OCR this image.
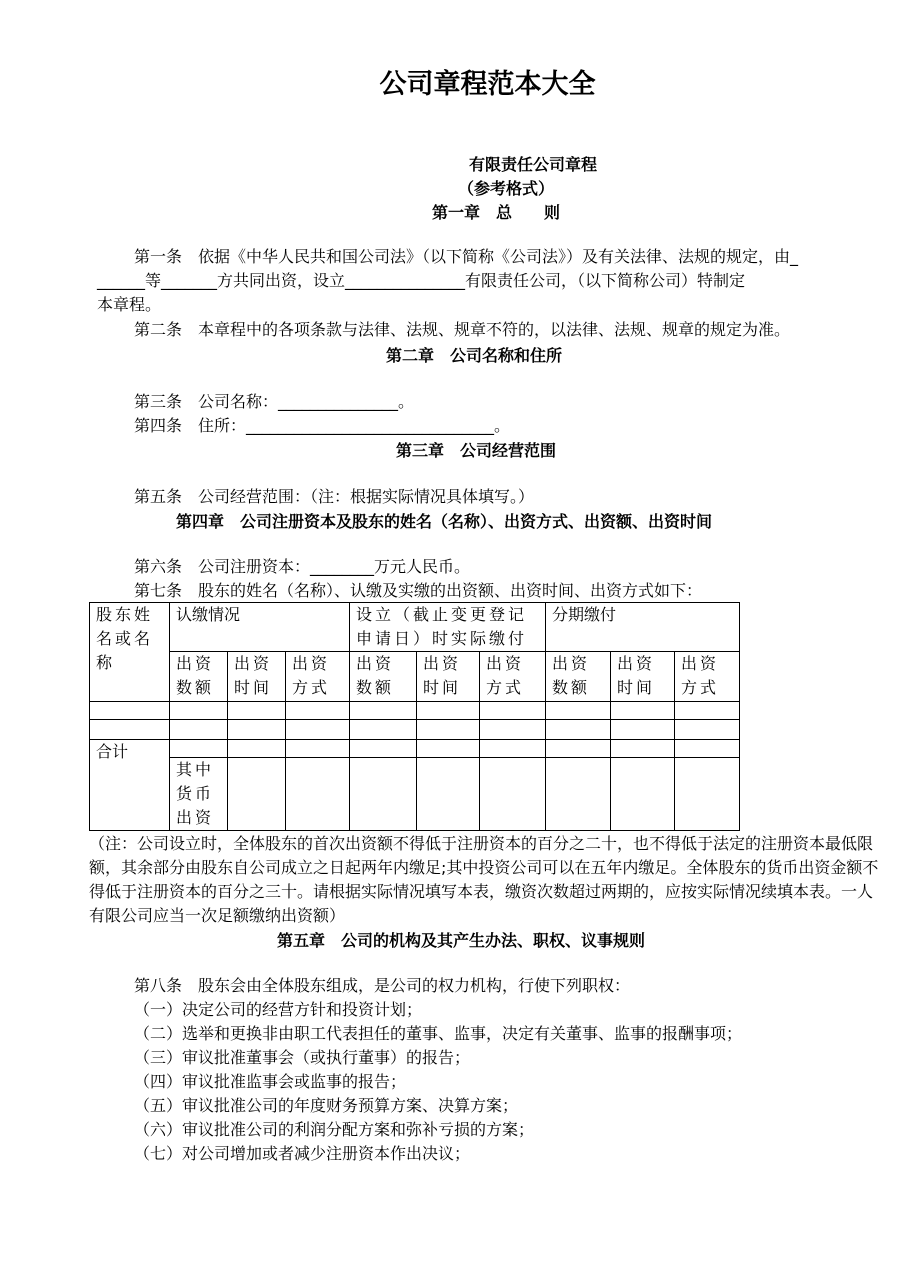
公司章程范本大全
有限责任公司章程
（参考格式）
第一章　总　　则
第一条　依据《中华人民共和国公司法》（以下简称《公司法》）及有关法律、法规的规定，由_
______等_______方共同出资，设立_______________有限责任公司，（以下简称公司）特制定
本章程。
第二条　本章程中的各项条款与法律、法规、规章不符的，以法律、法规、规章的规定为准。
第二章　公司名称和住所
第三条　公司名称：_______________。
第四条　住所：_______________________________。
第三章　公司经营范围
第五条　公司经营范围：（注：根据实际情况具体填写。）
第四章　公司注册资本及股东的姓名（名称）、出资方式、出资额、出资时间
第六条　公司注册资本：________万元人民币。
第七条　股东的姓名（名称）、认缴及实缴的出资额、出资时间、出资方式如下：
股东姓名或名称	认缴情况			设立（截止变更登记申请日）时实际缴付			分期缴付		
	出资数额	出资时间	出资方式	出资数额	出资时间	出资方式	出资数额	出资时间	出资方式

合计									
	其中货币出资								
（注：公司设立时，全体股东的首次出资额不得低于注册资本的百分之二十，也不得低于法定的注册资本最低限额，其余部分由股东自公司成立之日起两年内缴足;其中投资公司可以在五年内缴足。全体股东的货币出资金额不得低于注册资本的百分之三十。请根据实际情况填写本表，缴资次数超过两期的，应按实际情况续填本表。一人有限公司应当一次足额缴纳出资额）
第五章　公司的机构及其产生办法、职权、议事规则
第八条　股东会由全体股东组成，是公司的权力机构，行使下列职权：
（一）决定公司的经营方针和投资计划；
（二）选举和更换非由职工代表担任的董事、监事，决定有关董事、监事的报酬事项；
（三）审议批准董事会（或执行董事）的报告；
（四）审议批准监事会或监事的报告；
（五）审议批准公司的年度财务预算方案、决算方案；
（六）审议批准公司的利润分配方案和弥补亏损的方案；
（七）对公司增加或者减少注册资本作出决议；
